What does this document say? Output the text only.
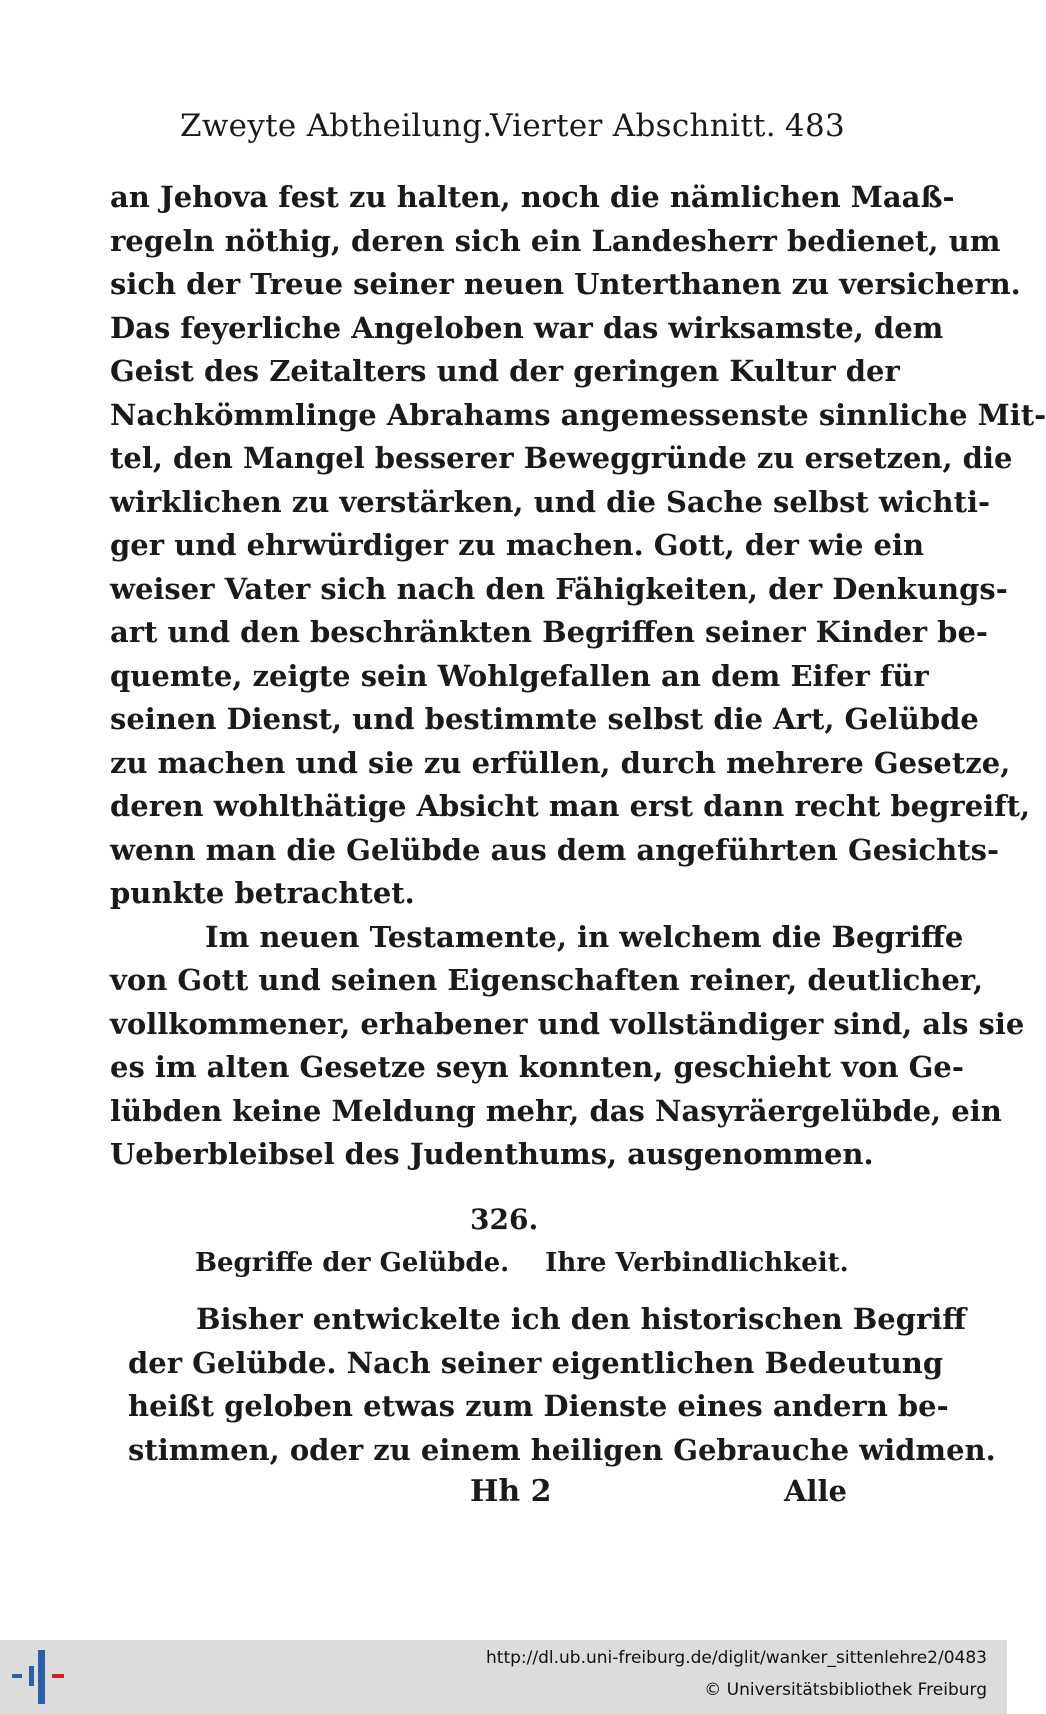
Zweyte Abtheilung.
Vierter Abschnitt. 483
an Jehova fest zu halten, noch die nämlichen Maaß-
regeln nöthig, deren sich ein Landesherr bedienet, um
sich der Treue seiner neuen Unterthanen zu versichern.
Das feyerliche Angeloben war das wirksamste, dem
Geist des Zeitalters und der geringen Kultur der
Nachkömmlinge Abrahams angemessenste sinnliche Mit-
tel, den Mangel besserer Beweggründe zu ersetzen, die
wirklichen zu verstärken, und die Sache selbst wichti-
ger und ehrwürdiger zu machen. Gott, der wie ein
weiser Vater sich nach den Fähigkeiten, der Denkungs-
art und den beschränkten Begriffen seiner Kinder be-
quemte, zeigte sein Wohlgefallen an dem Eifer für
seinen Dienst, und bestimmte selbst die Art, Gelübde
zu machen und sie zu erfüllen, durch mehrere Gesetze,
deren wohlthätige Absicht man erst dann recht begreift,
wenn man die Gelübde aus dem angeführten Gesichts-
punkte betrachtet.
Im neuen Testamente, in welchem die Begriffe
von Gott und seinen Eigenschaften reiner, deutlicher,
vollkommener, erhabener und vollständiger sind, als sie
es im alten Gesetze seyn konnten, geschieht von Ge-
lübden keine Meldung mehr, das Nasyräergelübde, ein
Ueberbleibsel des Judenthums, ausgenommen.
326.
Begriffe der Gelübde. Ihre Verbindlichkeit.
Bisher entwickelte ich den historischen Begriff
der Gelübde. Nach seiner eigentlichen Bedeutung
heißt geloben etwas zum Dienste eines andern be-
stimmen, oder zu einem heiligen Gebrauche widmen.
Hh 2	Alle
http://dl.ub.uni-freiburg.de/diglit/wanker_sittenlehre2/0483
© Universitätsbibliothek Freiburg
